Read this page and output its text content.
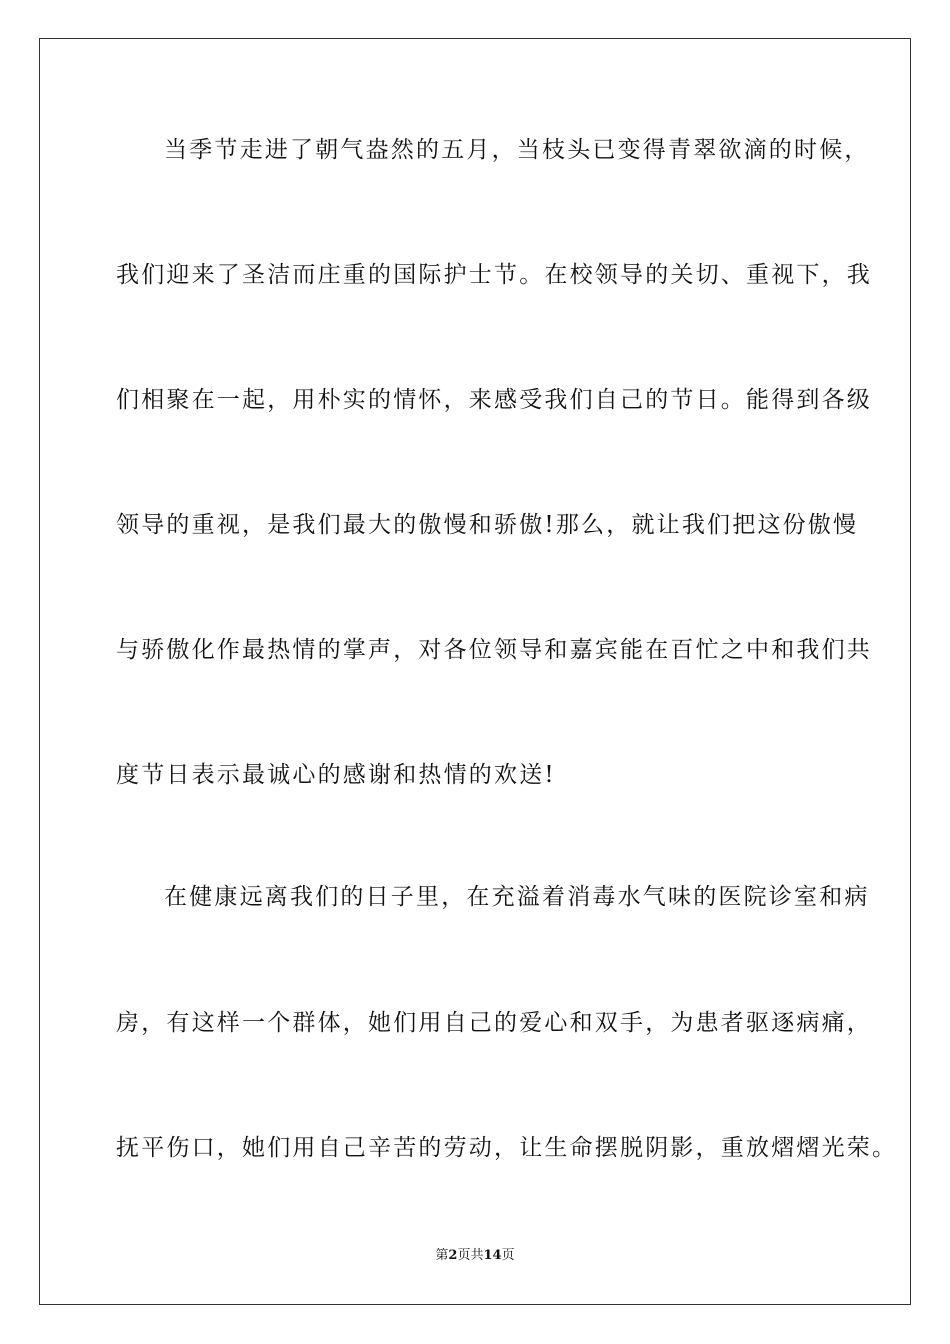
当季节走进了朝气盎然的五月，当枝头已变得青翠欲滴的时候，
我们迎来了圣洁而庄重的国际护士节。在校领导的关切、重视下，我
们相聚在一起，用朴实的情怀，来感受我们自己的节日。能得到各级
领导的重视，是我们最大的傲慢和骄傲!那么，就让我们把这份傲慢
与骄傲化作最热情的掌声，对各位领导和嘉宾能在百忙之中和我们共
度节日表示最诚心的感谢和热情的欢送!
在健康远离我们的日子里，在充溢着消毒水气味的医院诊室和病
房，有这样一个群体，她们用自己的爱心和双手，为患者驱逐病痛，
抚平伤口，她们用自己辛苦的劳动，让生命摆脱阴影，重放熠熠光荣。
第2页共14页
